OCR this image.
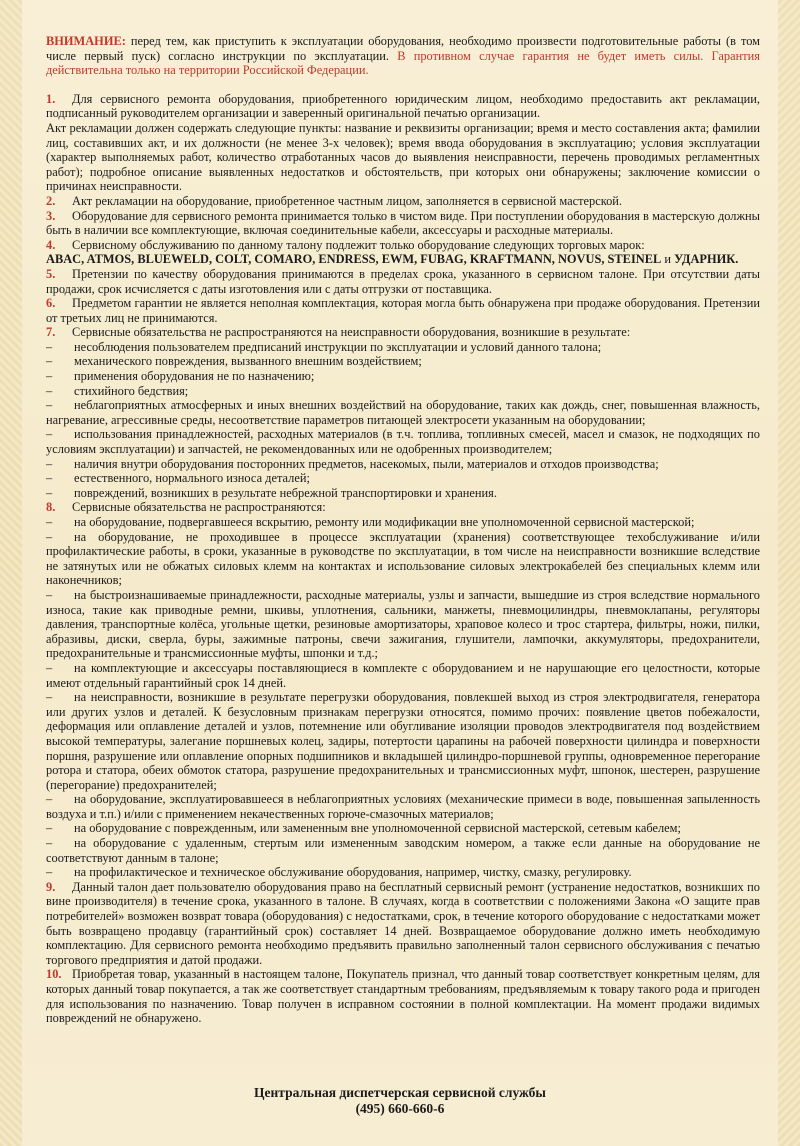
ВНИМАНИЕ: перед тем, как приступить к эксплуатации оборудования, необходимо произвести подготовительные работы (в том числе первый пуск) согласно инструкции по эксплуатации. В противном случае гарантия не будет иметь силы. Гарантия действительна только на территории Российской Федерации.

1. Для сервисного ремонта оборудования, приобретенного юридическим лицом, необходимо предоставить акт рекламации, подписанный руководителем организации и заверенный оригинальной печатью организации.

Акт рекламации должен содержать следующие пункты: название и реквизиты организации; время и место составления акта; фамилии лиц, составивших акт, и их должности (не менее 3-х человек); время ввода оборудования в эксплуатацию; условия эксплуатации (характер выполняемых работ, количество отработанных часов до выявления неисправности, перечень проводимых регламентных работ); подробное описание выявленных недостатков и обстоятельств, при которых они обнаружены; заключение комиссии о причинах неисправности.

2. Акт рекламации на оборудование, приобретенное частным лицом, заполняется в сервисной мастерской.

3. Оборудование для сервисного ремонта принимается только в чистом виде. При поступлении оборудования в мастерскую должны быть в наличии все комплектующие, включая соединительные кабели, аксессуары и расходные материалы.

4. Сервисному обслуживанию по данному талону подлежит только оборудование следующих торговых марок:

ABAC, ATMOS, BLUEWELD, COLT, COMARO, ENDRESS, EWM, FUBAG, KRAFTMANN, NOVUS, STEINEL и УДАРНИК.

5. Претензии по качеству оборудования принимаются в пределах срока, указанного в сервисном талоне. При отсутствии даты продажи, срок исчисляется с даты изготовления или с даты отгрузки от поставщика.

6. Предметом гарантии не является неполная комплектация, которая могла быть обнаружена при продаже оборудования. Претензии от третьих лиц не принимаются.

7. Сервисные обязательства не распространяются на неисправности оборудования, возникшие в результате:

– несоблюдения пользователем предписаний инструкции по эксплуатации и условий данного талона;

– механического повреждения, вызванного внешним воздействием;

– применения оборудования не по назначению;

– стихийного бедствия;

– неблагоприятных атмосферных и иных внешних воздействий на оборудование, таких как дождь, снег, повышенная влажность, нагревание, агрессивные среды, несоответствие параметров питающей электросети указанным на оборудовании;

– использования принадлежностей, расходных материалов (в т.ч. топлива, топливных смесей, масел и смазок, не подходящих по условиям эксплуатации) и запчастей, не рекомендованных или не одобренных производителем;

– наличия внутри оборудования посторонних предметов, насекомых, пыли, материалов и отходов производства;

– естественного, нормального износа деталей;

– повреждений, возникших в результате небрежной транспортировки и хранения.

8. Сервисные обязательства не распространяются:

– на оборудование, подвергавшееся вскрытию, ремонту или модификации вне уполномоченной сервисной мастерской;

– на оборудование, не проходившее в процессе эксплуатации (хранения) соответствующее техобслуживание и/или профилактические работы, в сроки, указанные в руководстве по эксплуатации, в том числе на неисправности возникшие вследствие не затянутых или не обжатых силовых клемм на контактах и использование силовых электрокабелей без специальных клемм или наконечников;

– на быстроизнашиваемые принадлежности, расходные материалы, узлы и запчасти, вышедшие из строя вследствие нормального износа, такие как приводные ремни, шкивы, уплотнения, сальники, манжеты, пневмоцилиндры, пневмоклапаны, регуляторы давления, транспортные колёса, угольные щетки, резиновые амортизаторы, храповое колесо и трос стартера, фильтры, ножи, пилки, абразивы, диски, сверла, буры, зажимные патроны, свечи зажигания, глушители, лампочки, аккумуляторы, предохранители, предохранительные и трансмиссионные муфты, шпонки и т.д.;

– на комплектующие и аксессуары поставляющиеся в комплекте с оборудованием и не нарушающие его целостности, которые имеют отдельный гарантийный срок 14 дней.

– на неисправности, возникшие в результате перегрузки оборудования, повлекшей выход из строя электродвигателя, генератора или других узлов и деталей. К безусловным признакам перегрузки относятся, помимо прочих: появление цветов побежалости, деформация или оплавление деталей и узлов, потемнение или обугливание изоляции проводов электродвигателя под воздействием высокой температуры, залегание поршневых колец, задиры, потертости царапины на рабочей поверхности цилиндра и поверхности поршня, разрушение или оплавление опорных подшипников и вкладышей цилиндро-поршневой группы, одновременное перегорание ротора и статора, обеих обмоток статора, разрушение предохранительных и трансмиссионных муфт, шпонок, шестерен, разрушение (перегорание) предохранителей;

– на оборудование, эксплуатировавшееся в неблагоприятных условиях (механические примеси в воде, повышенная запыленность воздуха и т.п.) и/или с применением некачественных горюче-смазочных материалов;

– на оборудование с поврежденным, или замененным вне уполномоченной сервисной мастерской, сетевым кабелем;

– на оборудование с удаленным, стертым или измененным заводским номером, а также если данные на оборудование не соответствуют данным в талоне;

– на профилактическое и техническое обслуживание оборудования, например, чистку, смазку, регулировку.

9. Данный талон дает пользователю оборудования право на бесплатный сервисный ремонт (устранение недостатков, возникших по вине производителя) в течение срока, указанного в талоне. В случаях, когда в соответствии с положениями Закона «О защите прав потребителей» возможен возврат товара (оборудования) с недостатками, срок, в течение которого оборудование с недостатками может быть возвращено продавцу (гарантийный срок) составляет 14 дней. Возвращаемое оборудование должно иметь необходимую комплектацию. Для сервисного ремонта необходимо предъявить правильно заполненный талон сервисного обслуживания с печатью торгового предприятия и датой продажи.

10. Приобретая товар, указанный в настоящем талоне, Покупатель признал, что данный товар соответствует конкретным целям, для которых данный товар покупается, а так же соответствует стандартным требованиям, предъявляемым к товару такого рода и пригоден для использования по назначению. Товар получен в исправном состоянии в полной комплектации. На момент продажи видимых повреждений не обнаружено.

Центральная диспетчерская сервисной службы
(495) 660-660-6
